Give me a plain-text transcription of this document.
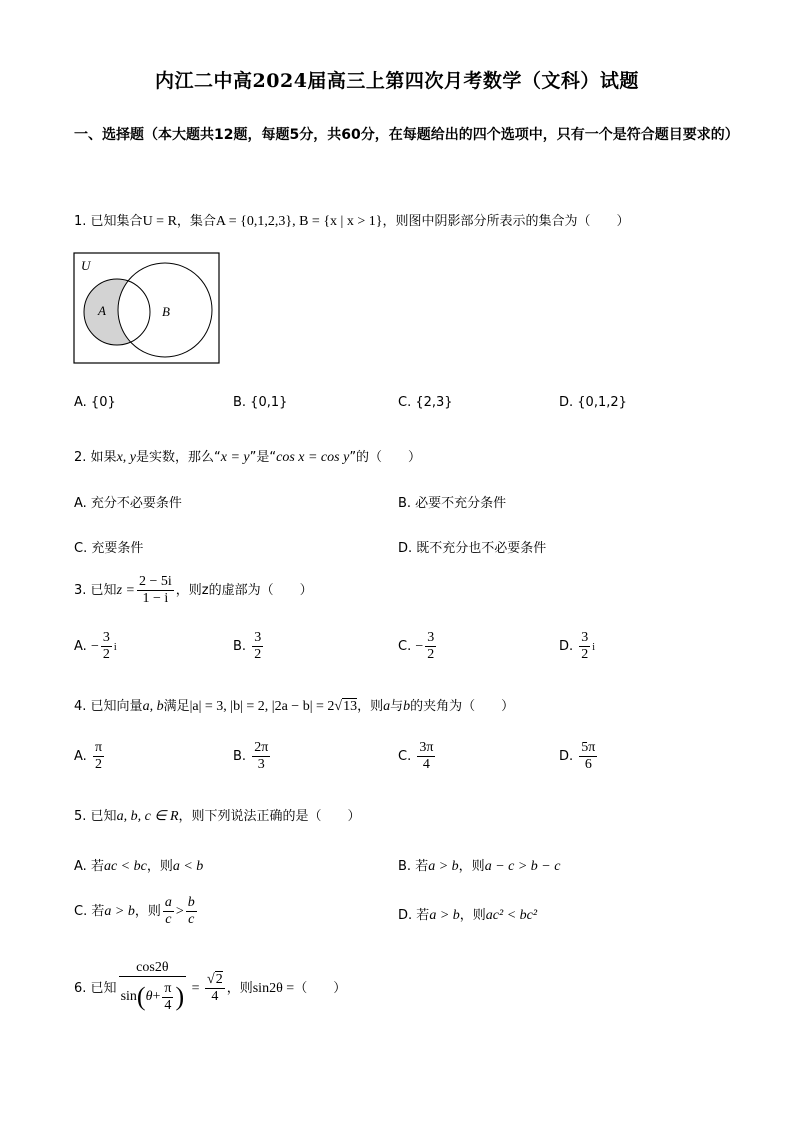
内江二中高2024届高三上第四次月考数学（文科）试题
一、选择题（本大题共12题，每题5分，共60分，在每题给出的四个选项中，只有一个是符合题目要求的）
1. 已知集合U = R，集合A = {0,1,2,3}, B = {x | x > 1}，则图中阴影部分所表示的集合为（　　）
U
A	B
A. {0}	B. {0,1}	C. {2,3}	D. {0,1,2}
2. 如果x, y是实数，那么“x = y”是“cos x = cos y”的（　　）
A. 充分不必要条件	B. 必要不充分条件
C. 充要条件	D. 既不充分也不必要条件
3. 已知$z = \frac{2 - 5i}{1 - i}$ ，则z的虚部为（　　）
A. − $\frac{3}{2}$ i	B. $\frac{3}{2}$	C. − $\frac{3}{2}$	D. $\frac{3}{2}$ i
4. 已知向量a, b满足|a| = 3, |b| = 2, |2a − b| = 2√13，则a与b的夹角为（　　）
A. $\frac{\pi}{2}$	B. $\frac{2\pi}{3}$	C. $\frac{3\pi}{4}$	D. $\frac{5\pi}{6}$
5. 已知a, b, c ∈ R，则下列说法正确的是（　　）
A. 若ac < bc，则a < b	B. 若a > b，则a − c > b − c
C. 若a > b，则 $\frac{a}{c} > \frac{b}{c}$	D. 若a > b，则ac² < bc²
6. 已知 $\frac{\cos 2\theta}{\sin(\theta+ \frac{\pi}{4} )} = \frac{√2}{4}$ ，则sin2θ =（　　）
